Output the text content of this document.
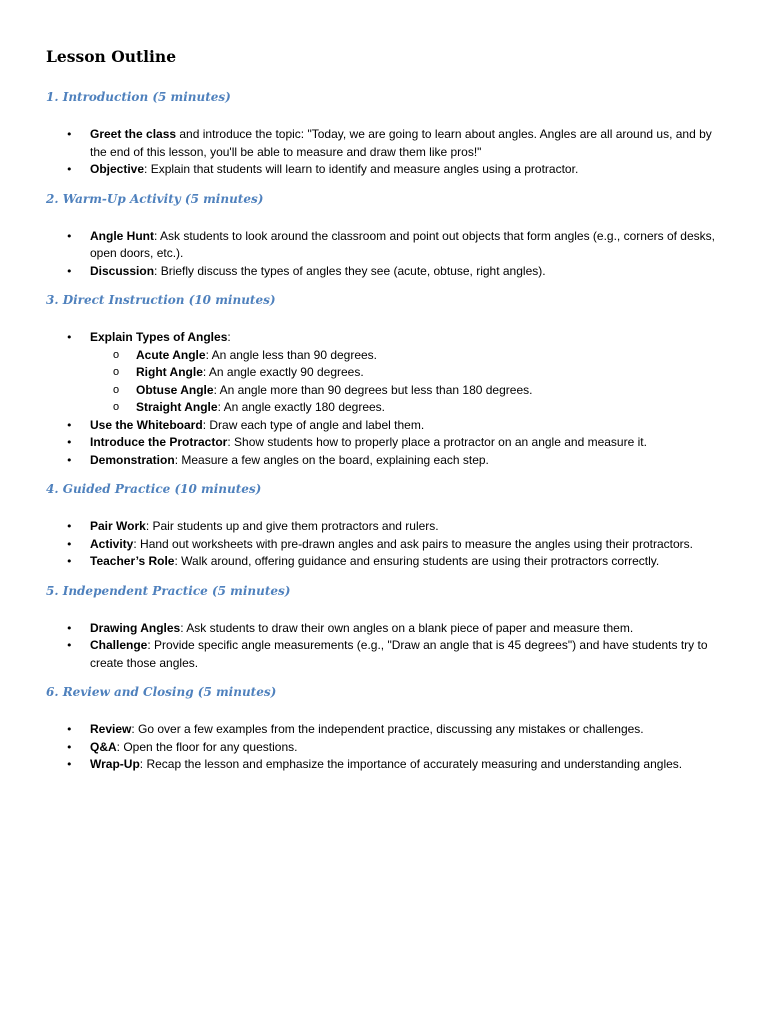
Lesson Outline
1. Introduction (5 minutes)
• Greet the class and introduce the topic: "Today, we are going to learn about angles. Angles are all around us, and by the end of this lesson, you'll be able to measure and draw them like pros!"
• Objective: Explain that students will learn to identify and measure angles using a protractor.
2. Warm-Up Activity (5 minutes)
• Angle Hunt: Ask students to look around the classroom and point out objects that form angles (e.g., corners of desks, open doors, etc.).
• Discussion: Briefly discuss the types of angles they see (acute, obtuse, right angles).
3. Direct Instruction (10 minutes)
• Explain Types of Angles:
o Acute Angle: An angle less than 90 degrees.
o Right Angle: An angle exactly 90 degrees.
o Obtuse Angle: An angle more than 90 degrees but less than 180 degrees.
o Straight Angle: An angle exactly 180 degrees.
• Use the Whiteboard: Draw each type of angle and label them.
• Introduce the Protractor: Show students how to properly place a protractor on an angle and measure it.
• Demonstration: Measure a few angles on the board, explaining each step.
4. Guided Practice (10 minutes)
• Pair Work: Pair students up and give them protractors and rulers.
• Activity: Hand out worksheets with pre-drawn angles and ask pairs to measure the angles using their protractors.
• Teacher’s Role: Walk around, offering guidance and ensuring students are using their protractors correctly.
5. Independent Practice (5 minutes)
• Drawing Angles: Ask students to draw their own angles on a blank piece of paper and measure them.
• Challenge: Provide specific angle measurements (e.g., "Draw an angle that is 45 degrees") and have students try to create those angles.
6. Review and Closing (5 minutes)
• Review: Go over a few examples from the independent practice, discussing any mistakes or challenges.
• Q&A: Open the floor for any questions.
• Wrap-Up: Recap the lesson and emphasize the importance of accurately measuring and understanding angles.
